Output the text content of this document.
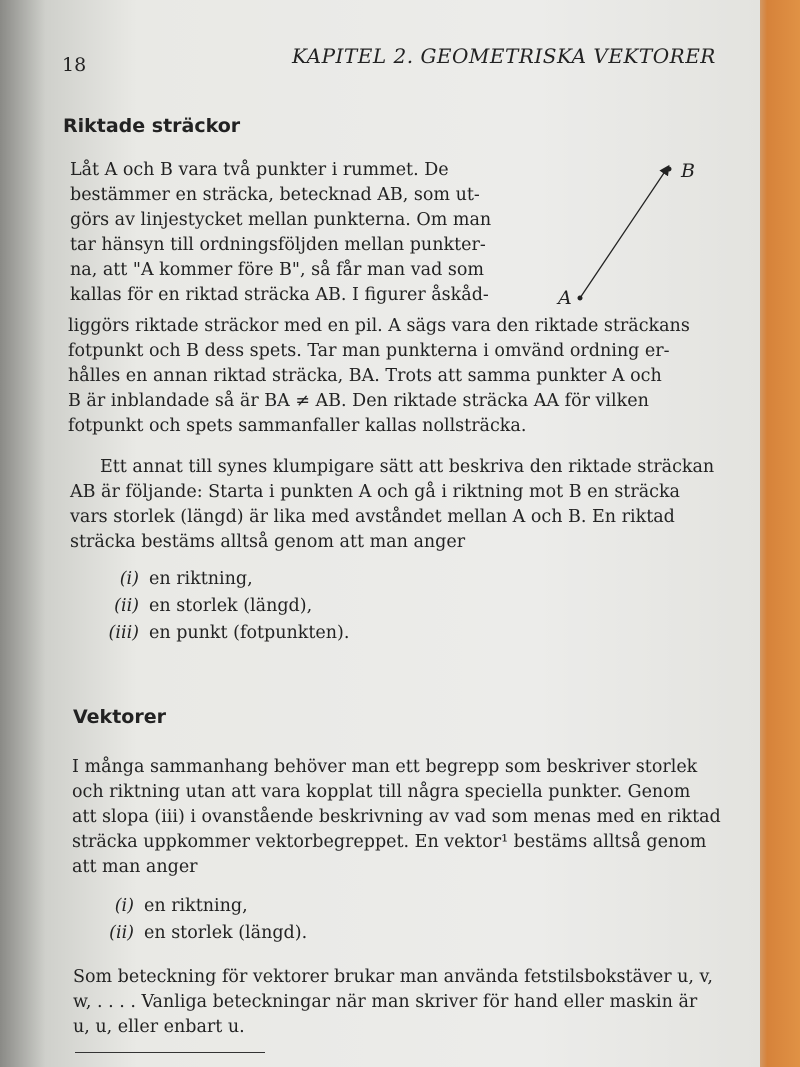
18	KAPITEL 2. GEOMETRISKA VEKTORER
Riktade sträckor
A
B

Låt A och B vara två punkter i rummet. De

bestämmer en sträcka, betecknad AB, som ut-

görs av linjestycket mellan punkterna. Om man

tar hänsyn till ordningsföljden mellan punkter-

na, att "A kommer före B", så får man vad som

kallas för en riktad sträcka AB. I figurer åskåd-

liggörs riktade sträckor med en pil. A sägs vara den riktade sträckans

fotpunkt och B dess spets. Tar man punkterna i omvänd ordning er-

hålles en annan riktad sträcka, BA. Trots att samma punkter A och

B är inblandade så är BA ≠ AB. Den riktade sträcka AA för vilken

fotpunkt och spets sammanfaller kallas nollsträcka.

Ett annat till synes klumpigare sätt att beskriva den riktade sträckan

AB är följande: Starta i punkten A och gå i riktning mot B en sträcka

vars storlek (längd) är lika med avståndet mellan A och B. En riktad

sträcka bestäms alltså genom att man anger

(i) en riktning,
(ii) en storlek (längd),
(iii) en punkt (fotpunkten).
Vektorer

I många sammanhang behöver man ett begrepp som beskriver storlek

och riktning utan att vara kopplat till några speciella punkter. Genom

att slopa (iii) i ovanstående beskrivning av vad som menas med en riktad

sträcka uppkommer vektorbegreppet. En vektor¹ bestäms alltså genom

att man anger

(i) en riktning,
(ii) en storlek (längd).

Som beteckning för vektorer brukar man använda fetstilsbokstäver u, v,

w, . . . . Vanliga beteckningar när man skriver för hand eller maskin är

u, u, eller enbart u.
